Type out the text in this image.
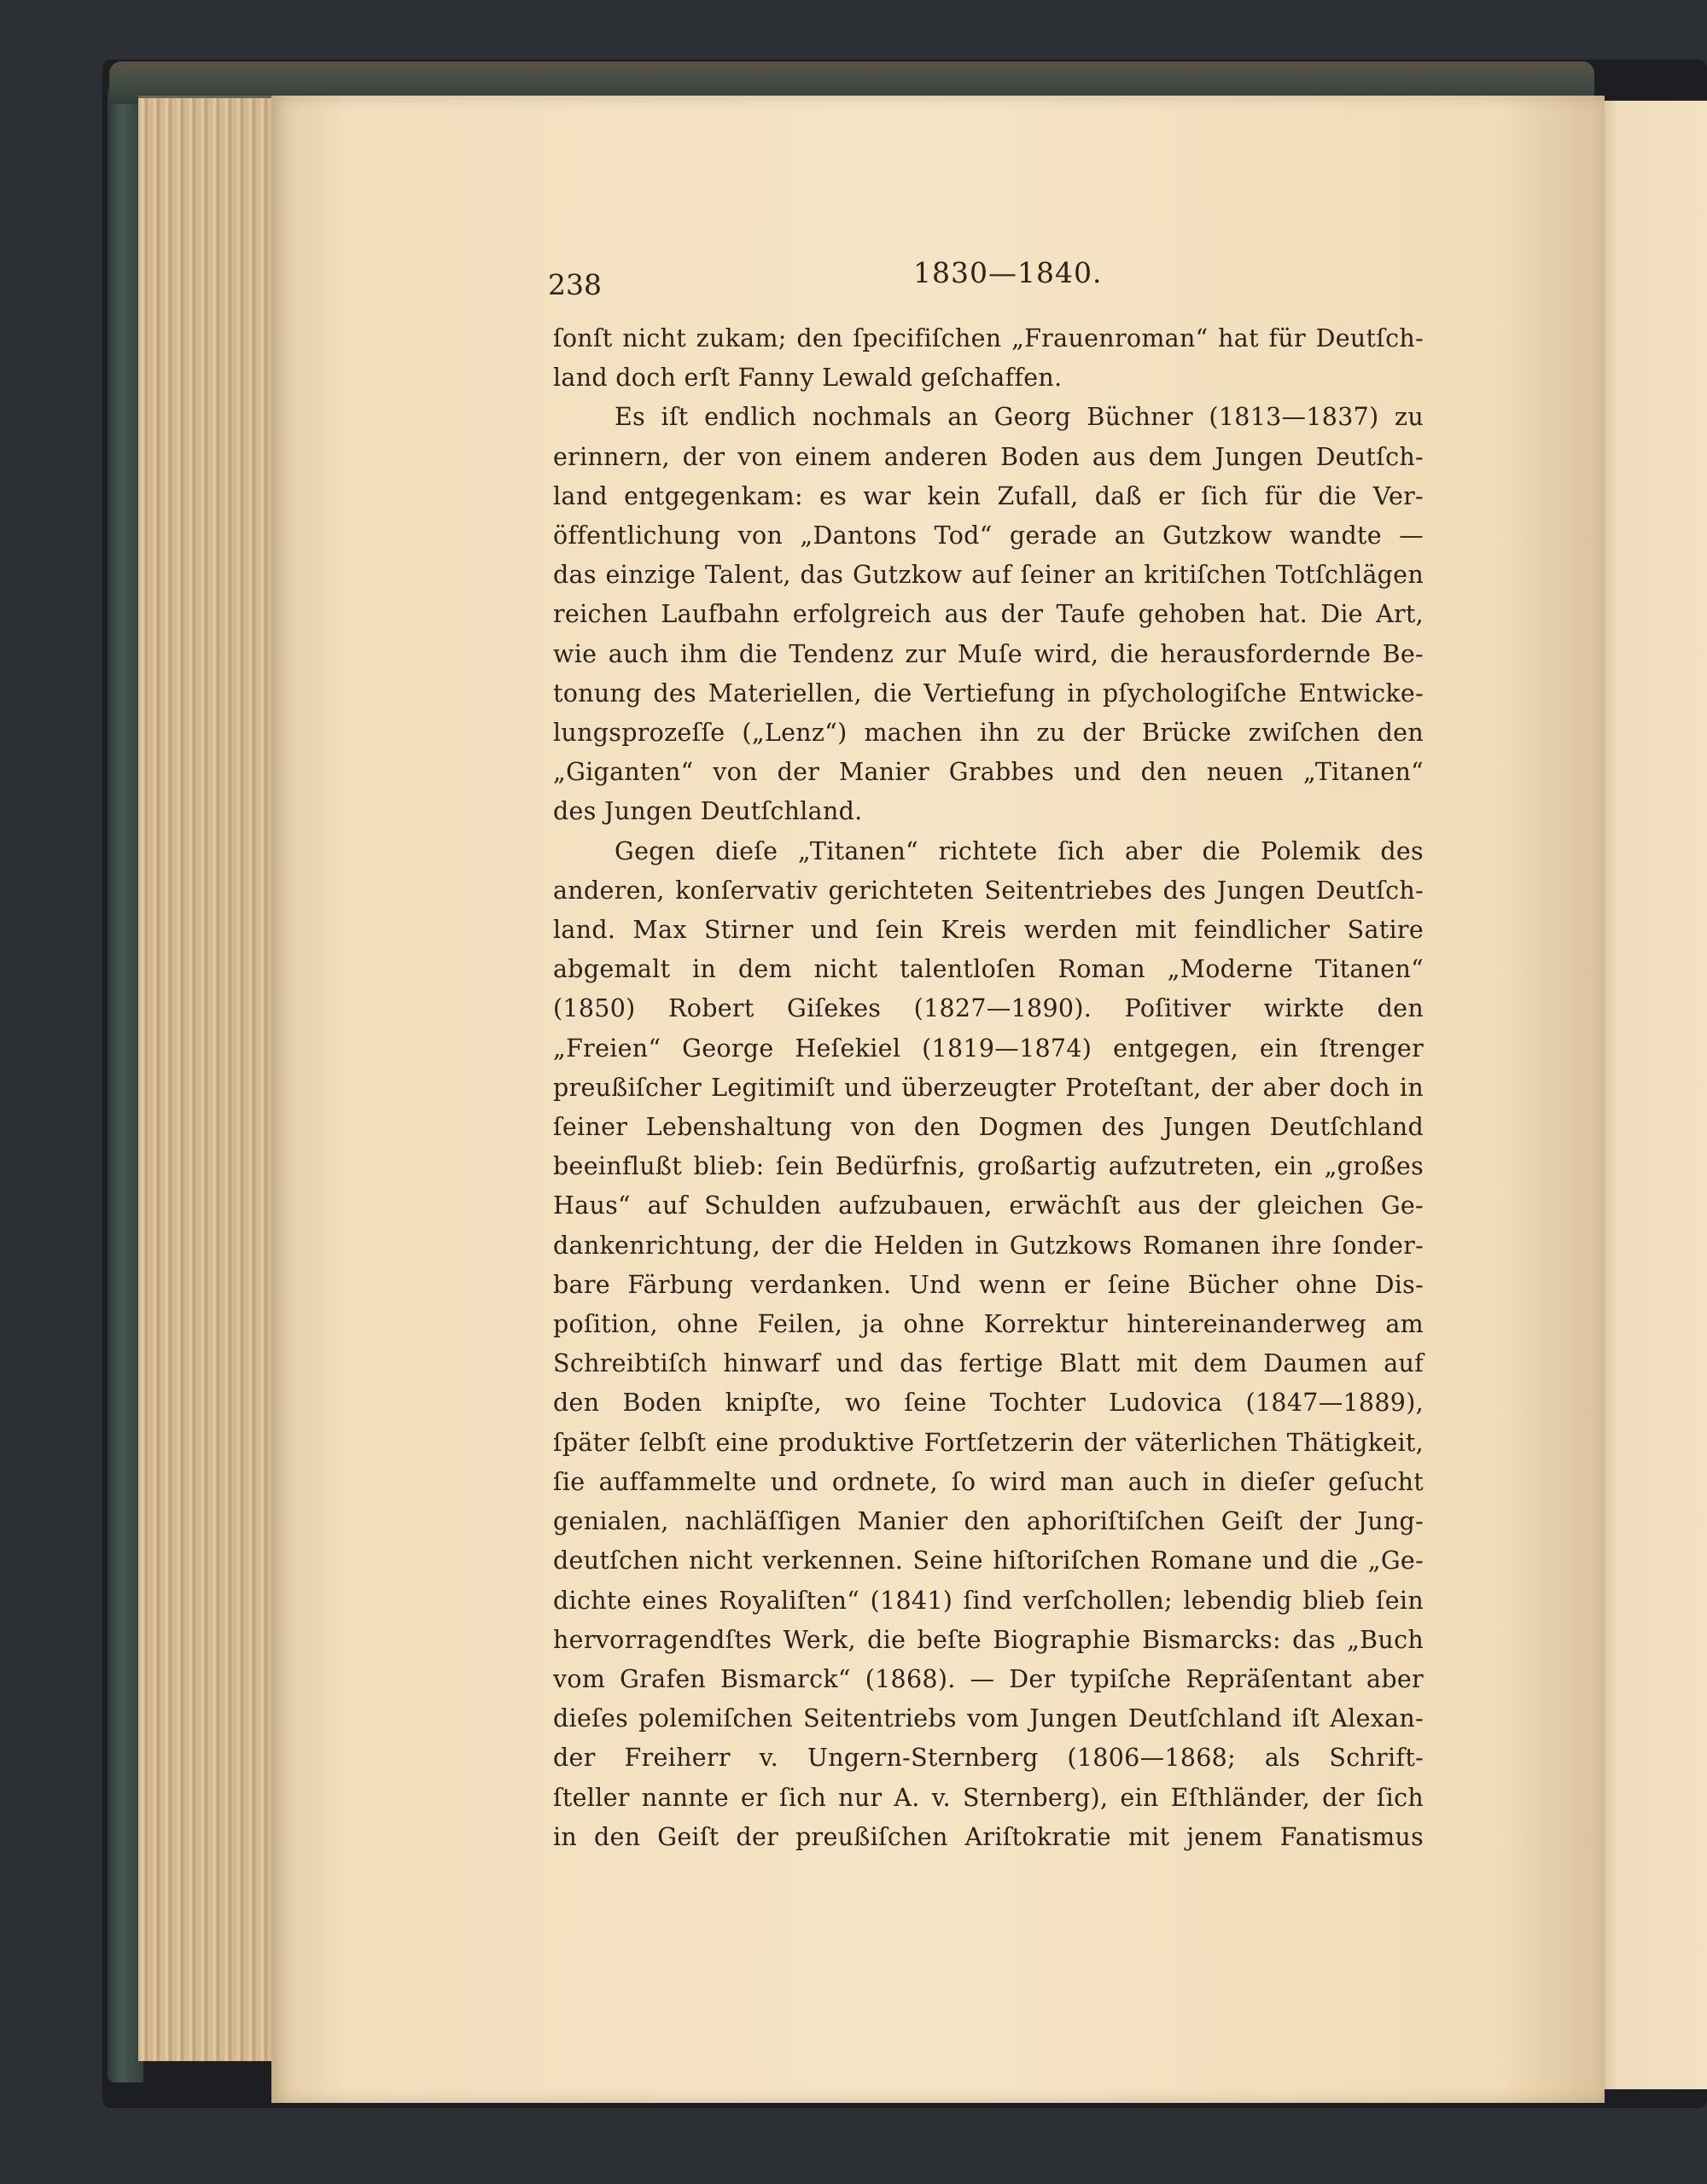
238	1830—1840.

ſonſt nicht zukam; den ſpecifiſchen „Frauenroman“ hat für Deutſch-
land doch erſt Fanny Lewald geſchaffen.

Es iſt endlich nochmals an Georg Büchner (1813—1837) zu
erinnern, der von einem anderen Boden aus dem Jungen Deutſch-
land entgegenkam: es war kein Zufall, daß er ſich für die Ver-
öffentlichung von „Dantons Tod“ gerade an Gutzkow wandte —
das einzige Talent, das Gutzkow auf ſeiner an kritiſchen Totſchlägen
reichen Laufbahn erfolgreich aus der Taufe gehoben hat. Die Art,
wie auch ihm die Tendenz zur Muſe wird, die herausfordernde Be-
tonung des Materiellen, die Vertiefung in pſychologiſche Entwicke-
lungsprozeſſe („Lenz“) machen ihn zu der Brücke zwiſchen den
„Giganten“ von der Manier Grabbes und den neuen „Titanen“
des Jungen Deutſchland.

Gegen dieſe „Titanen“ richtete ſich aber die Polemik des
anderen, konſervativ gerichteten Seitentriebes des Jungen Deutſch-
land. Max Stirner und ſein Kreis werden mit feindlicher Satire
abgemalt in dem nicht talentloſen Roman „Moderne Titanen“
(1850) Robert Giſekes (1827—1890). Poſitiver wirkte den
„Freien“ George Heſekiel (1819—1874) entgegen, ein ſtrenger
preußiſcher Legitimiſt und überzeugter Proteſtant, der aber doch in
ſeiner Lebenshaltung von den Dogmen des Jungen Deutſchland
beeinflußt blieb: ſein Bedürfnis, großartig aufzutreten, ein „großes
Haus“ auf Schulden aufzubauen, erwächſt aus der gleichen Ge-
dankenrichtung, der die Helden in Gutzkows Romanen ihre ſonder-
bare Färbung verdanken. Und wenn er ſeine Bücher ohne Dis-
poſition, ohne Feilen, ja ohne Korrektur hintereinanderweg am
Schreibtiſch hinwarf und das fertige Blatt mit dem Daumen auf
den Boden knipſte, wo ſeine Tochter Ludovica (1847—1889),
ſpäter ſelbſt eine produktive Fortſetzerin der väterlichen Thätigkeit,
ſie auffammelte und ordnete, ſo wird man auch in dieſer geſucht
genialen, nachläſſigen Manier den aphoriſtiſchen Geiſt der Jung-
deutſchen nicht verkennen. Seine hiſtoriſchen Romane und die „Ge-
dichte eines Royaliſten“ (1841) ſind verſchollen; lebendig blieb ſein
hervorragendſtes Werk, die beſte Biographie Bismarcks: das „Buch
vom Grafen Bismarck“ (1868). — Der typiſche Repräſentant aber
dieſes polemiſchen Seitentriebs vom Jungen Deutſchland iſt Alexan-
der Freiherr v. Ungern-Sternberg (1806—1868; als Schrift-
ſteller nannte er ſich nur A. v. Sternberg), ein Eſthländer, der ſich
in den Geiſt der preußiſchen Ariſtokratie mit jenem Fanatismus
